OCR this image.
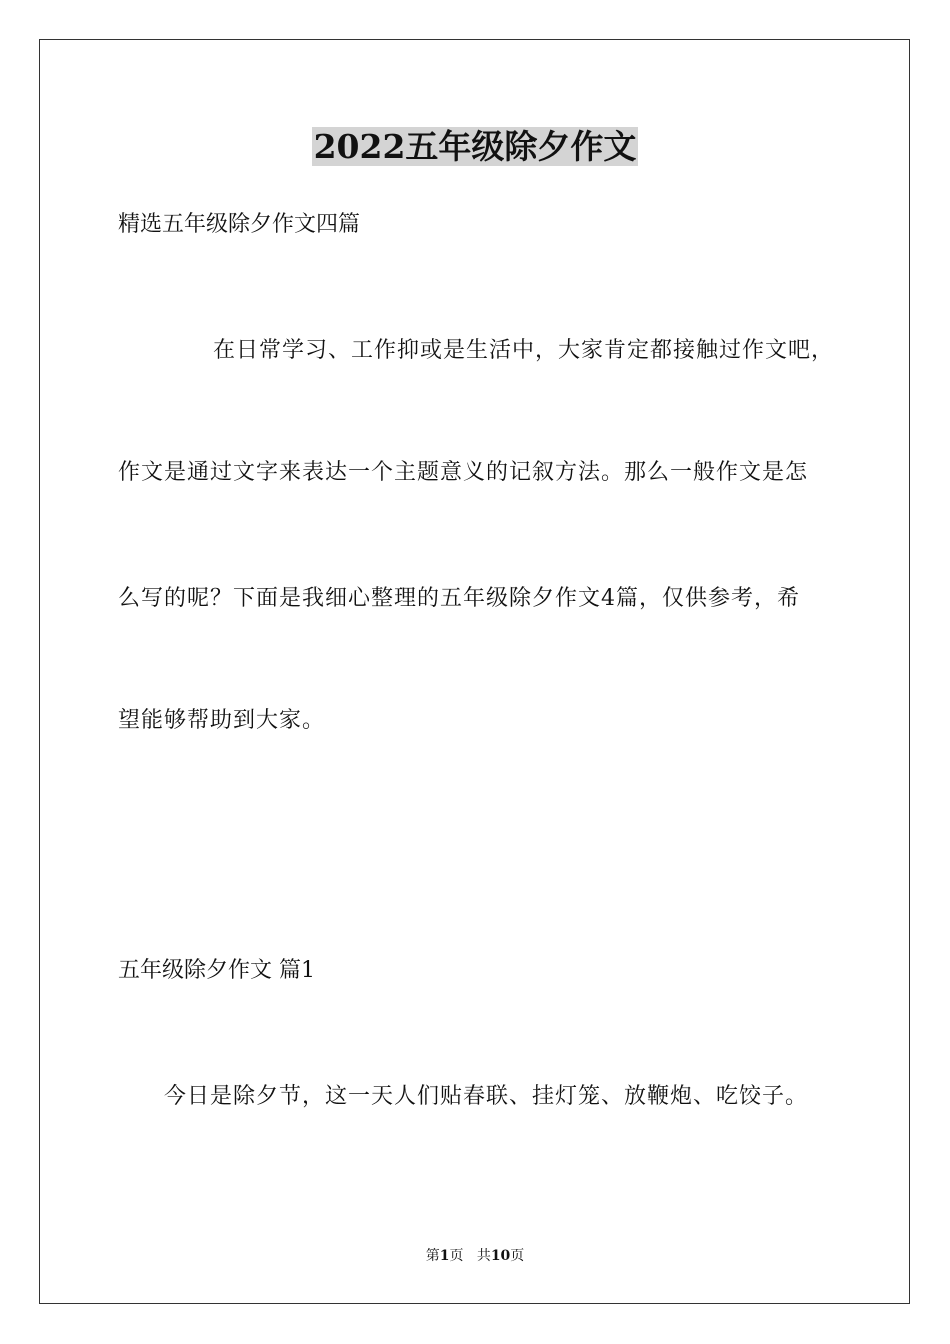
2022五年级除夕作文
精选五年级除夕作文四篇
在日常学习、工作抑或是生活中，大家肯定都接触过作文吧，
作文是通过文字来表达一个主题意义的记叙方法。那么一般作文是怎
么写的呢？下面是我细心整理的五年级除夕作文4篇，仅供参考，希
望能够帮助到大家。
五年级除夕作文 篇1
今日是除夕节，这一天人们贴春联、挂灯笼、放鞭炮、吃饺子。
第1页 共10页
